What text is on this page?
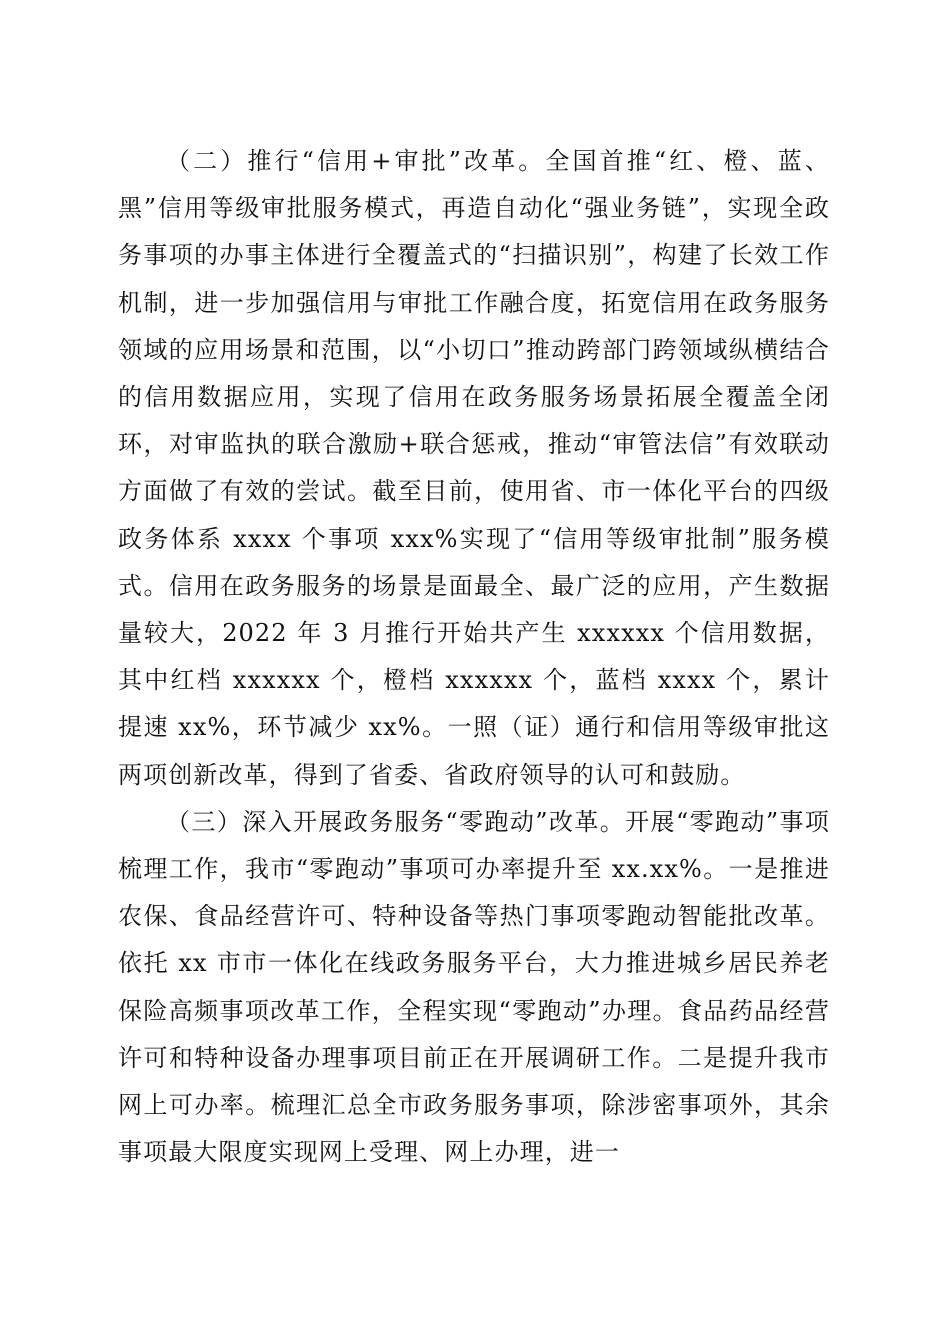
（二）推行“信用+审批”改革。全国首推“红、橙、蓝、黑”信用等级审批服务模式，再造自动化“强业务链”，实现全政务事项的办事主体进行全覆盖式的“扫描识别”，构建了长效工作机制，进一步加强信用与审批工作融合度，拓宽信用在政务服务领域的应用场景和范围，以“小切口”推动跨部门跨领域纵横结合的信用数据应用，实现了信用在政务服务场景拓展全覆盖全闭环，对审监执的联合激励+联合惩戒，推动“审管法信”有效联动方面做了有效的尝试。截至目前，使用省、市一体化平台的四级政务体系 xxxx 个事项 xxx%实现了“信用等级审批制”服务模式。信用在政务服务的场景是面最全、最广泛的应用，产生数据量较大，2022 年 3 月推行开始共产生 xxxxxx 个信用数据，其中红档 xxxxxx 个，橙档 xxxxxx 个，蓝档 xxxx 个，累计提速 xx%，环节减少 xx%。一照（证）通行和信用等级审批这两项创新改革，得到了省委、省政府领导的认可和鼓励。

（三）深入开展政务服务“零跑动”改革。开展“零跑动”事项梳理工作，我市“零跑动”事项可办率提升至 xx.xx%。一是推进农保、食品经营许可、特种设备等热门事项零跑动智能批改革。依托 xx 市市一体化在线政务服务平台，大力推进城乡居民养老保险高频事项改革工作，全程实现“零跑动”办理。食品药品经营许可和特种设备办理事项目前正在开展调研工作。二是提升我市网上可办率。梳理汇总全市政务服务事项，除涉密事项外，其余事项最大限度实现网上受理、网上办理，进一
